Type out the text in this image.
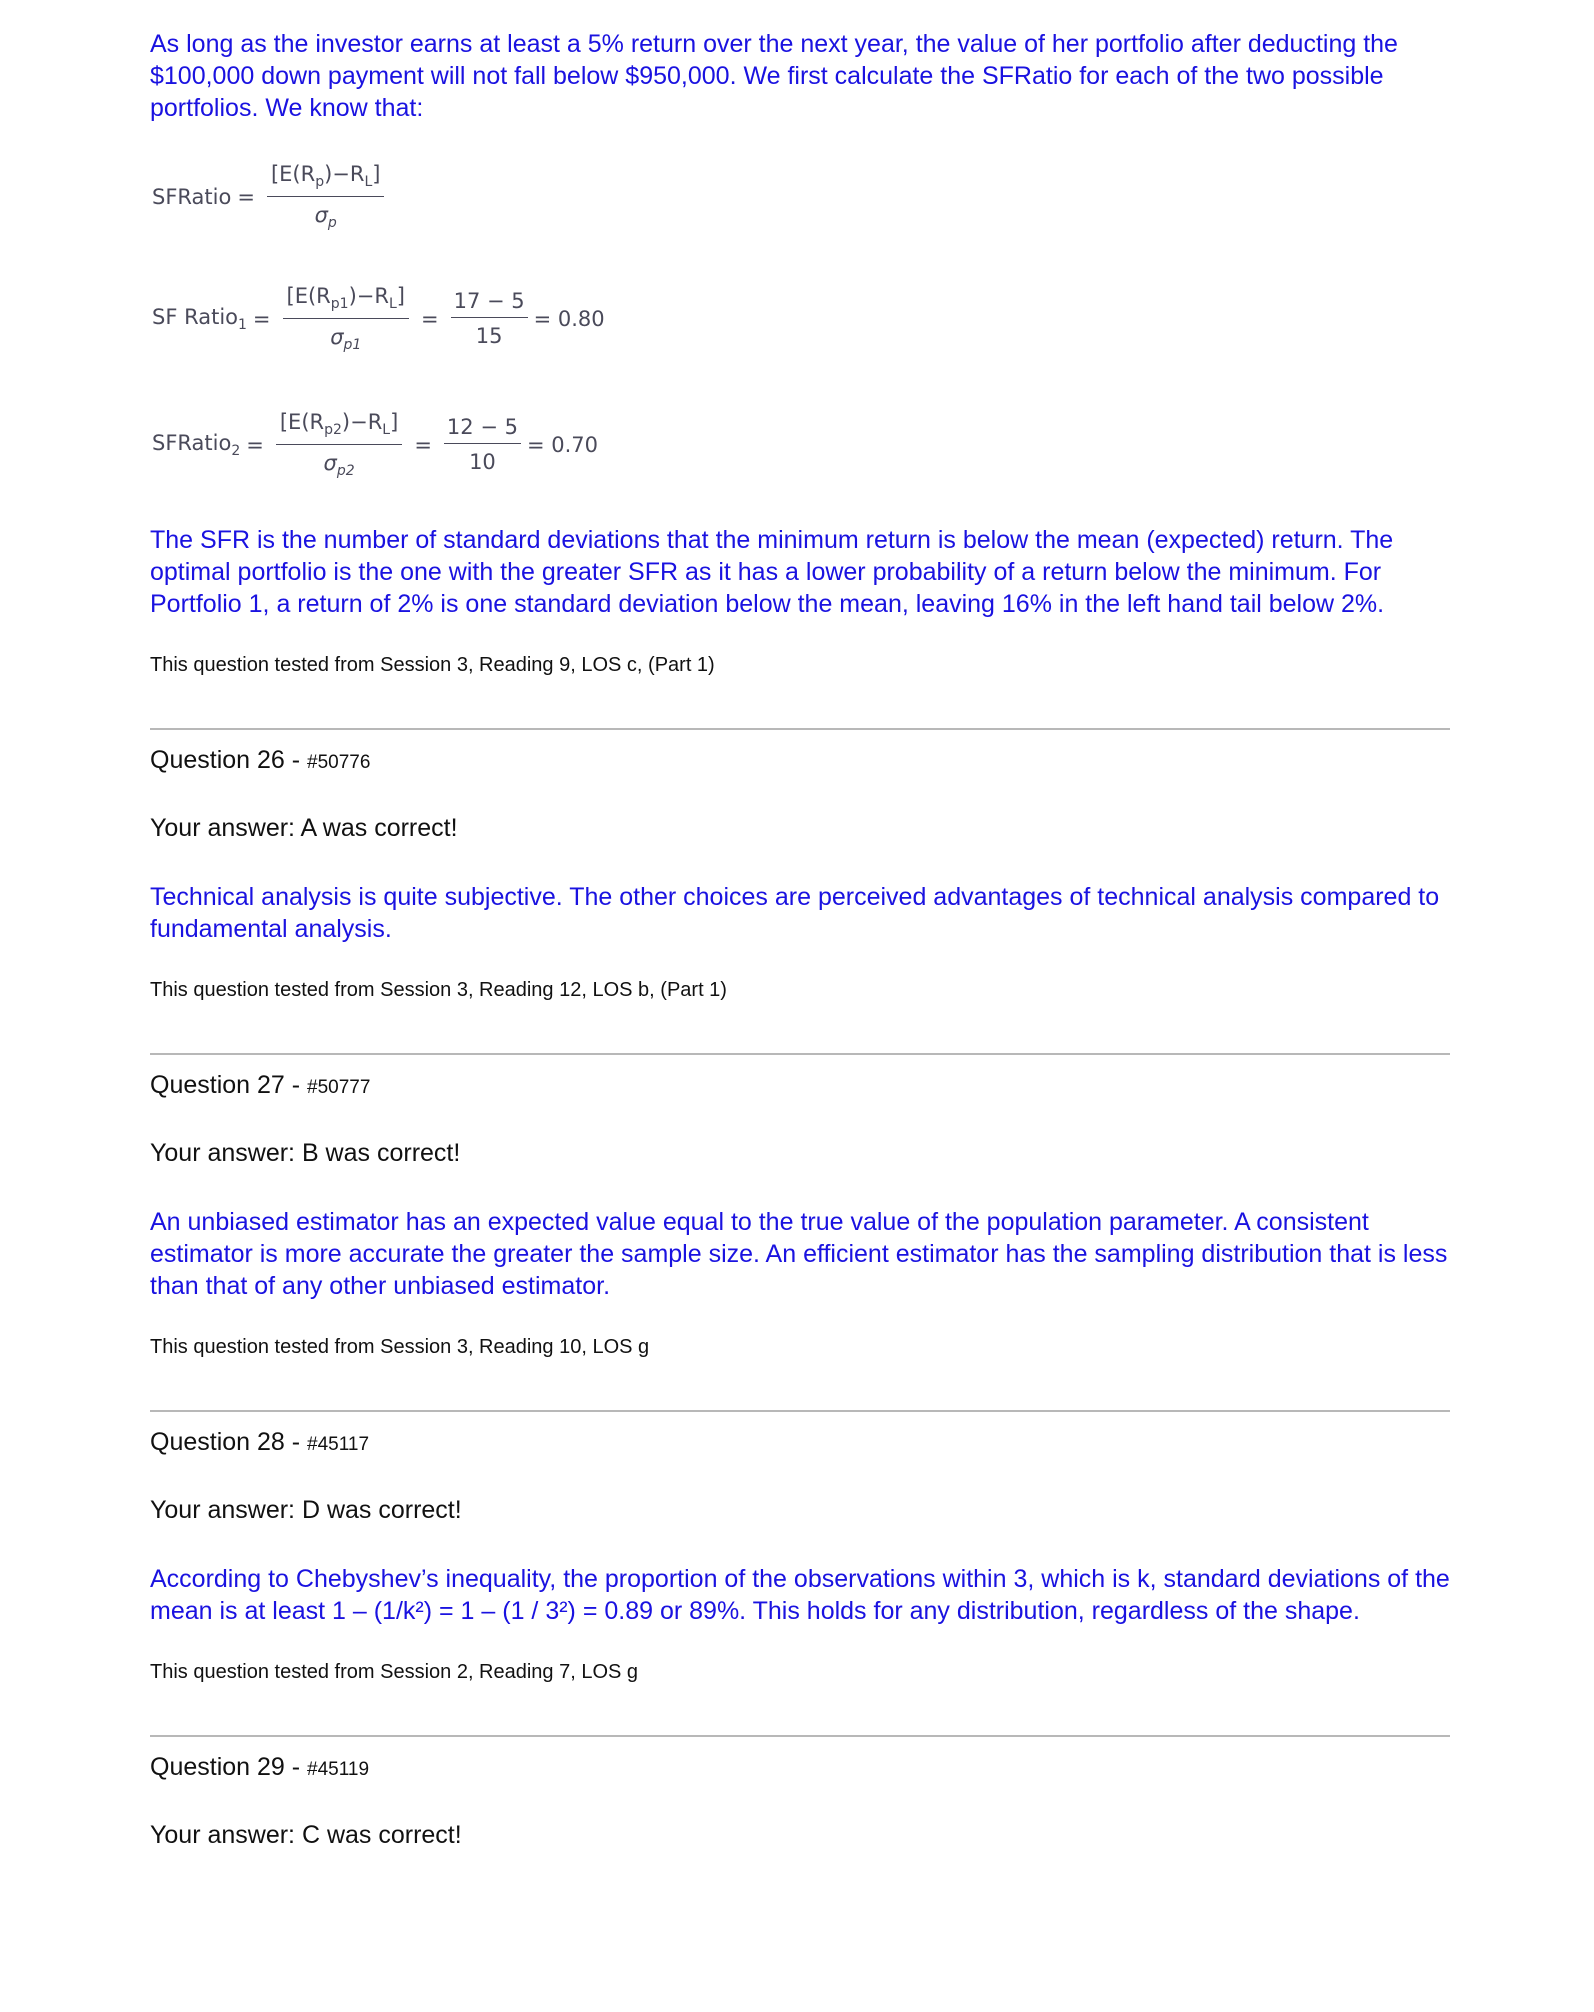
As long as the investor earns at least a 5% return over the next year, the value of her portfolio after deducting the $100,000 down payment will not fall below $950,000. We first calculate the SFRatio for each of the two possible portfolios. We know that:

SFRatio = $\frac{[E(R_p)-R_L]}{\sigma_p}$
SF Ratio$_1$ = $\frac{[E(R_{p1})-R_L]}{\sigma_{p1}} = \frac{17 - 5}{15} = 0.80$
SFRatio$_2$ = $\frac{[E(R_{p2})-R_L]}{\sigma_{p2}} = \frac{12 - 5}{10} = 0.70$

The SFR is the number of standard deviations that the minimum return is below the mean (expected) return. The optimal portfolio is the one with the greater SFR as it has a lower probability of a return below the minimum. For Portfolio 1, a return of 2% is one standard deviation below the mean, leaving 16% in the left hand tail below 2%.

This question tested from Session 3, Reading 9, LOS c, (Part 1)

Question 26 - #50776

Your answer: A was correct!

Technical analysis is quite subjective. The other choices are perceived advantages of technical analysis compared to fundamental analysis.

This question tested from Session 3, Reading 12, LOS b, (Part 1)

Question 27 - #50777

Your answer: B was correct!

An unbiased estimator has an expected value equal to the true value of the population parameter. A consistent estimator is more accurate the greater the sample size. An efficient estimator has the sampling distribution that is less than that of any other unbiased estimator.

This question tested from Session 3, Reading 10, LOS g

Question 28 - #45117

Your answer: D was correct!

According to Chebyshev’s inequality, the proportion of the observations within 3, which is k, standard deviations of the mean is at least 1 – (1/k²) = 1 – (1 / 3²) = 0.89 or 89%. This holds for any distribution, regardless of the shape.

This question tested from Session 2, Reading 7, LOS g

Question 29 - #45119

Your answer: C was correct!
